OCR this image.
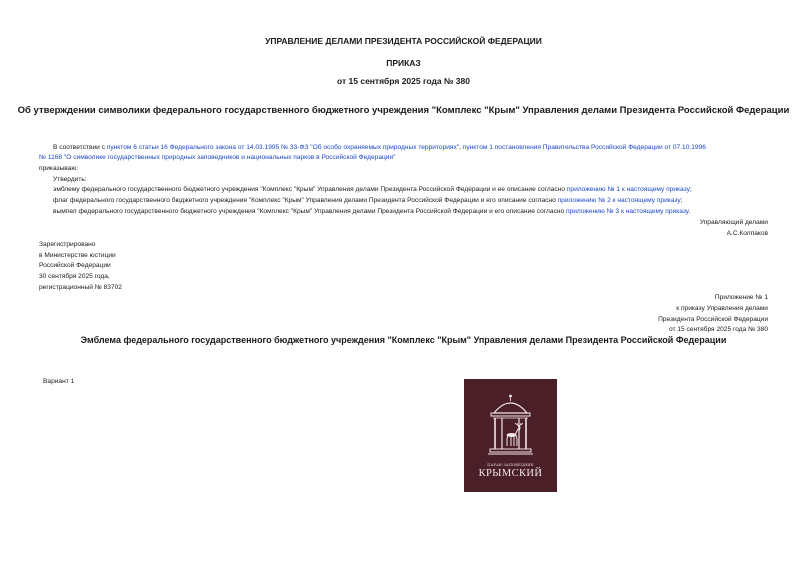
УПРАВЛЕНИЕ ДЕЛАМИ ПРЕЗИДЕНТА РОССИЙСКОЙ ФЕДЕРАЦИИ
ПРИКАЗ
от 15 сентября 2025 года № 380
Об утверждении символики федерального государственного бюджетного учреждения "Комплекс "Крым" Управления делами Президента Российской Федерации
В соответствии с пунктом 6 статьи 16 Федерального закона от 14.03.1995 № 33-ФЗ "Об особо охраняемых природных территориях", пунктом 1 постановления Правительства Российской Федерации от 07.10.1996
№ 1168 "О символике государственных природных заповедников и национальных парков в Российской Федерации"
приказываю:
Утвердить:
эмблему федерального государственного бюджетного учреждения "Комплекс "Крым" Управления делами Президента Российской Федерации и ее описание согласно приложению № 1 к настоящему приказу;
флаг федерального государственного бюджетного учреждения "Комплекс "Крым" Управления делами Президента Российской Федерации и его описание согласно приложению № 2 к настоящему приказу;
вымпел федерального государственного бюджетного учреждения "Комплекс "Крым" Управления делами Президента Российской Федерации и его описание согласно приложению № 3 к настоящему приказу.
Управляющий делами
А.С.Колпаков
Зарегистрировано
в Министерстве юстиции
Российской Федерации
30 сентября 2025 года,
регистрационный № 83702
Приложение № 1
к приказу Управления делами
Президента Российской Федерации
от 15 сентября 2025 года № 380
Эмблема федерального государственного бюджетного учреждения "Комплекс "Крым" Управления делами Президента Российской Федерации
Вариант 1
ПАРАК-ЗАПОВЕДНИК
КРЫМСКИЙ
